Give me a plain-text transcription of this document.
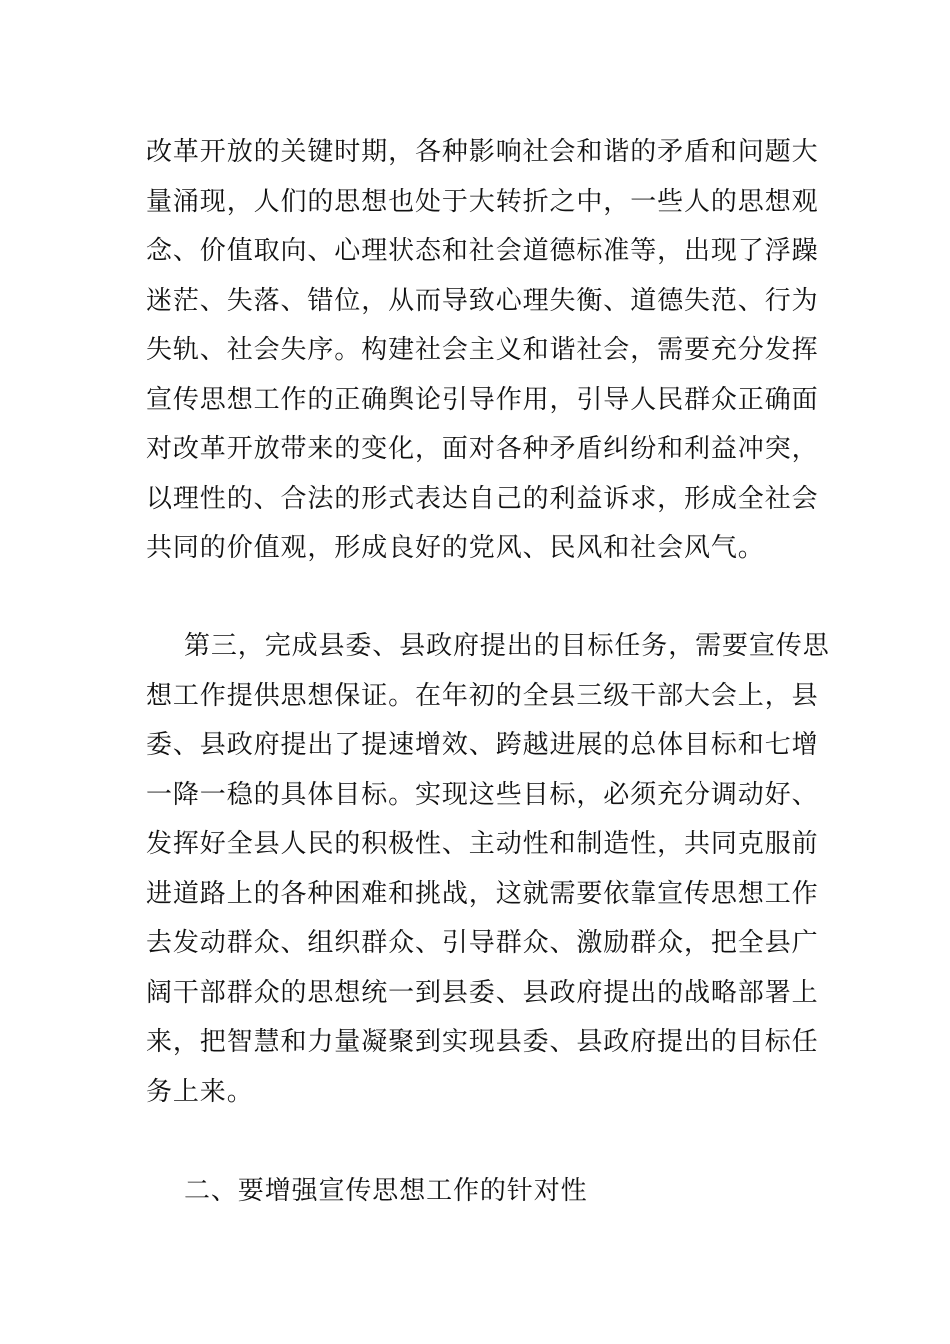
改革开放的关键时期，各种影响社会和谐的矛盾和问题大
量涌现，人们的思想也处于大转折之中，一些人的思想观
念、价值取向、心理状态和社会道德标准等，出现了浮躁
迷茫、失落、错位，从而导致心理失衡、道德失范、行为
失轨、社会失序。构建社会主义和谐社会，需要充分发挥
宣传思想工作的正确舆论引导作用，引导人民群众正确面
对改革开放带来的变化，面对各种矛盾纠纷和利益冲突，
以理性的、合法的形式表达自己的利益诉求，形成全社会
共同的价值观，形成良好的党风、民风和社会风气。
第三，完成县委、县政府提出的目标任务，需要宣传思
想工作提供思想保证。在年初的全县三级干部大会上，县
委、县政府提出了提速增效、跨越进展的总体目标和七增
一降一稳的具体目标。实现这些目标，必须充分调动好、
发挥好全县人民的积极性、主动性和制造性，共同克服前
进道路上的各种困难和挑战，这就需要依靠宣传思想工作
去发动群众、组织群众、引导群众、激励群众，把全县广
阔干部群众的思想统一到县委、县政府提出的战略部署上
来，把智慧和力量凝聚到实现县委、县政府提出的目标任
务上来。
二、要增强宣传思想工作的针对性
